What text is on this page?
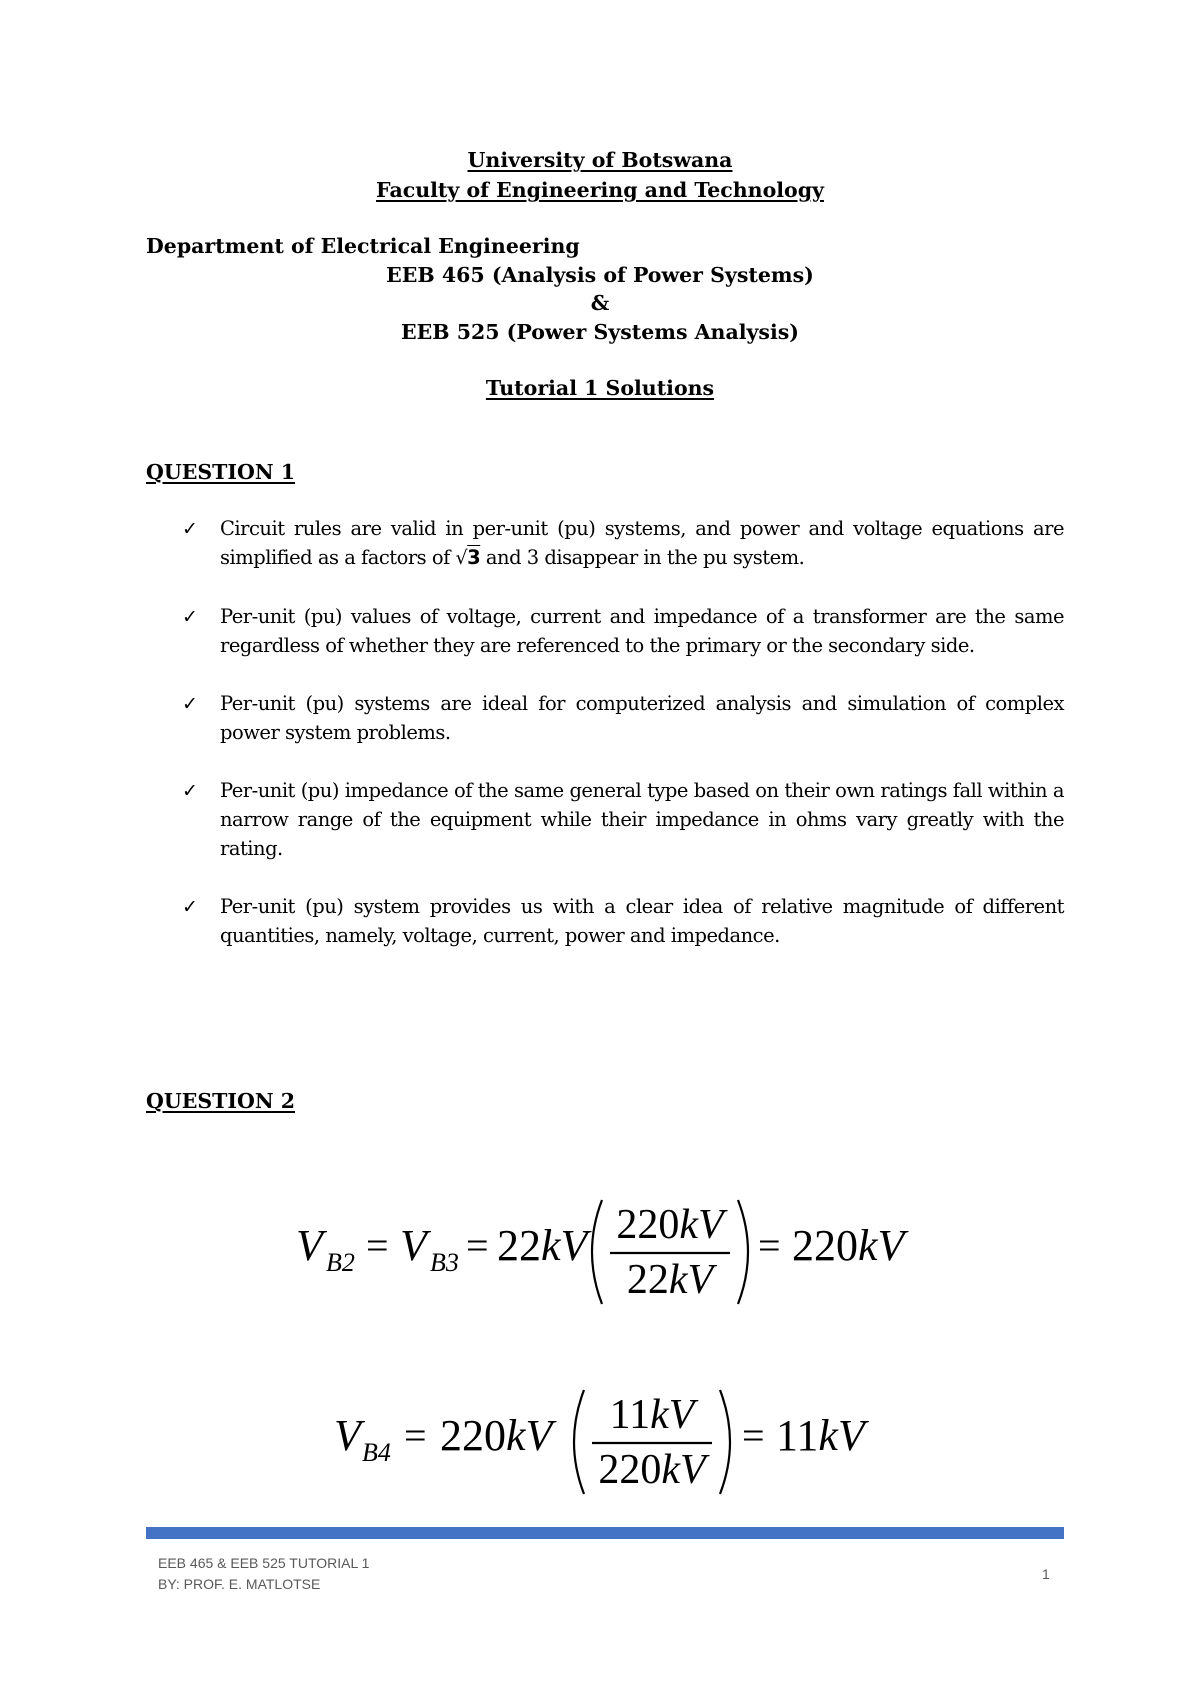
University of Botswana
Faculty of Engineering and Technology
Department of Electrical Engineering
EEB 465 (Analysis of Power Systems)
&
EEB 525 (Power Systems Analysis)
Tutorial 1 Solutions
QUESTION 1
✓ Circuit rules are valid in per-unit (pu) systems, and power and voltage equations are simplified as a factors of √3 and 3 disappear in the pu system.

✓ Per-unit (pu) values of voltage, current and impedance of a transformer are the same regardless of whether they are referenced to the primary or the secondary side.

✓ Per-unit (pu) systems are ideal for computerized analysis and simulation of complex power system problems.

✓ Per-unit (pu) impedance of the same general type based on their own ratings fall within a narrow range of the equipment while their impedance in ohms vary greatly with the rating.

✓ Per-unit (pu) system provides us with a clear idea of relative magnitude of different quantities, namely, voltage, current, power and impedance.

QUESTION 2
V B2 = V B3 = 22kV 220kV
22kV
= 220kV
V B4 = 220kV	11kV
220kV
= 11kV
EEB 465 & EEB 525 TUTORIAL 1
BY: PROF. E. MATLOTSE
1
